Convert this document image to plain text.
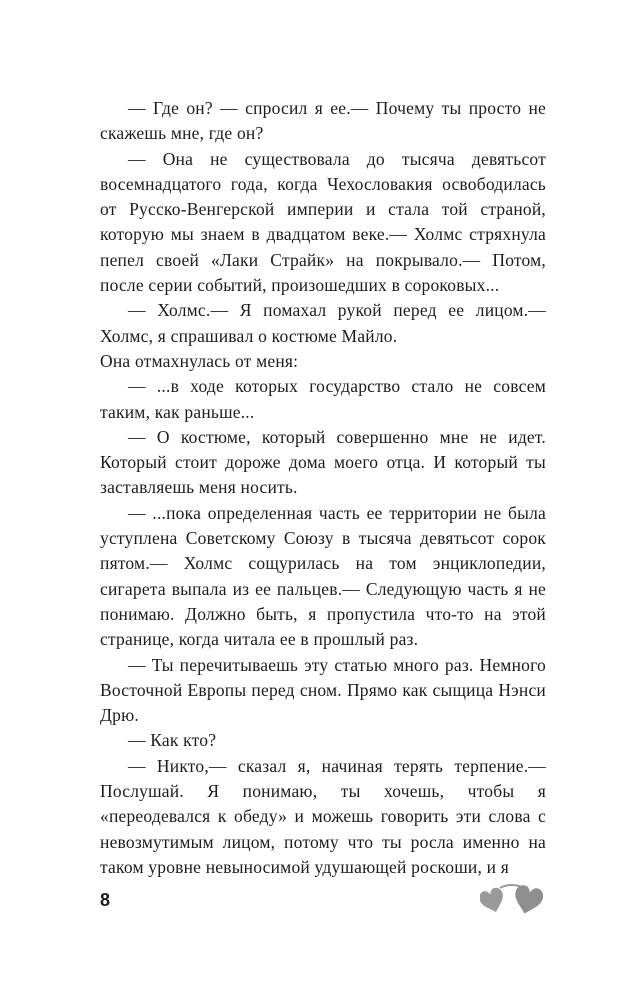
— Где он? — спросил я ее.— Почему ты просто не скажешь мне, где он?

— Она не существовала до тысяча девятьсот восемнадцатого года, когда Чехословакия освободилась от Русско-Венгерской империи и стала той страной, которую мы знаем в двадцатом веке.— Холмс стряхнула пепел своей «Лаки Страйк» на покрывало.— Потом, после серии событий, произошедших в сороковых...

— Холмс.— Я помахал рукой перед ее лицом.— Холмс, я спрашивал о костюме Майло.

Она отмахнулась от меня:

— ...в ходе которых государство стало не совсем таким, как раньше...

— О костюме, который совершенно мне не идет. Который стоит дороже дома моего отца. И который ты заставляешь меня носить.

— ...пока определенная часть ее территории не была уступлена Советскому Союзу в тысяча девятьсот сорок пятом.— Холмс сощурилась на том энциклопедии, сигарета выпала из ее пальцев.— Следующую часть я не понимаю. Должно быть, я пропустила что-то на этой странице, когда читала ее в прошлый раз.

— Ты перечитываешь эту статью много раз. Немного Восточной Европы перед сном. Прямо как сыщица Нэнси Дрю.

— Как кто?

— Никто,— сказал я, начиная терять терпение.— Послушай. Я понимаю, ты хочешь, чтобы я «переодевался к обеду» и можешь говорить эти слова с невозмутимым лицом, потому что ты росла именно на таком уровне невыносимой удушающей роскоши, и я

8
